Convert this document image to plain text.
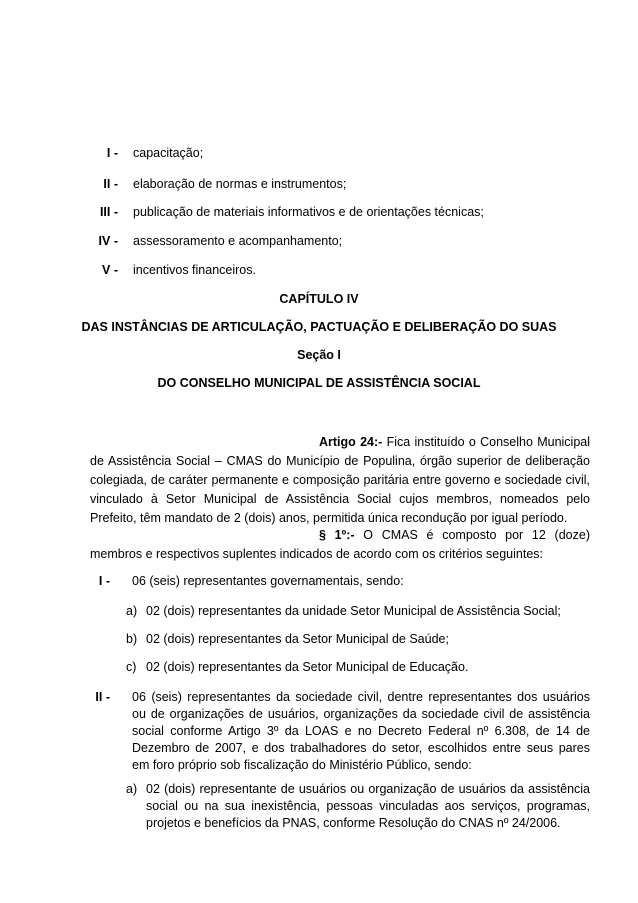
I - capacitação;
II - elaboração de normas e instrumentos;
III - publicação de materiais informativos e de orientações técnicas;
IV - assessoramento e acompanhamento;
V - incentivos financeiros.
CAPÍTULO IV
DAS INSTÂNCIAS DE ARTICULAÇÃO, PACTUAÇÃO E DELIBERAÇÃO DO SUAS
Seção I
DO CONSELHO MUNICIPAL DE ASSISTÊNCIA SOCIAL
Artigo 24:- Fica instituído o Conselho Municipal
de Assistência Social – CMAS do Município de Populina, órgão superior de deliberação
colegiada, de caráter permanente e composição paritária entre governo e sociedade civil,
vinculado à Setor Municipal de Assistência Social cujos membros, nomeados pelo
Prefeito, têm mandato de 2 (dois) anos, permitida única recondução por igual período.
§ 1º:- O CMAS é composto por 12 (doze)
membros e respectivos suplentes indicados de acordo com os critérios seguintes:
I - 06 (seis) representantes governamentais, sendo:
a) 02 (dois) representantes da unidade Setor Municipal de Assistência Social;
b) 02 (dois) representantes da Setor Municipal de Saúde;
c) 02 (dois) representantes da Setor Municipal de Educação.
II - 06 (seis) representantes da sociedade civil, dentre representantes dos usuários
ou de organizações de usuários, organizações da sociedade civil de assistência
social conforme Artigo 3º da LOAS e no Decreto Federal nº 6.308, de 14 de
Dezembro de 2007, e dos trabalhadores do setor, escolhidos entre seus pares
em foro próprio sob fiscalização do Ministério Público, sendo:
a) 02 (dois) representante de usuários ou organização de usuários da assistência
social ou na sua inexistência, pessoas vinculadas aos serviços, programas,
projetos e benefícios da PNAS, conforme Resolução do CNAS nº 24/2006.
